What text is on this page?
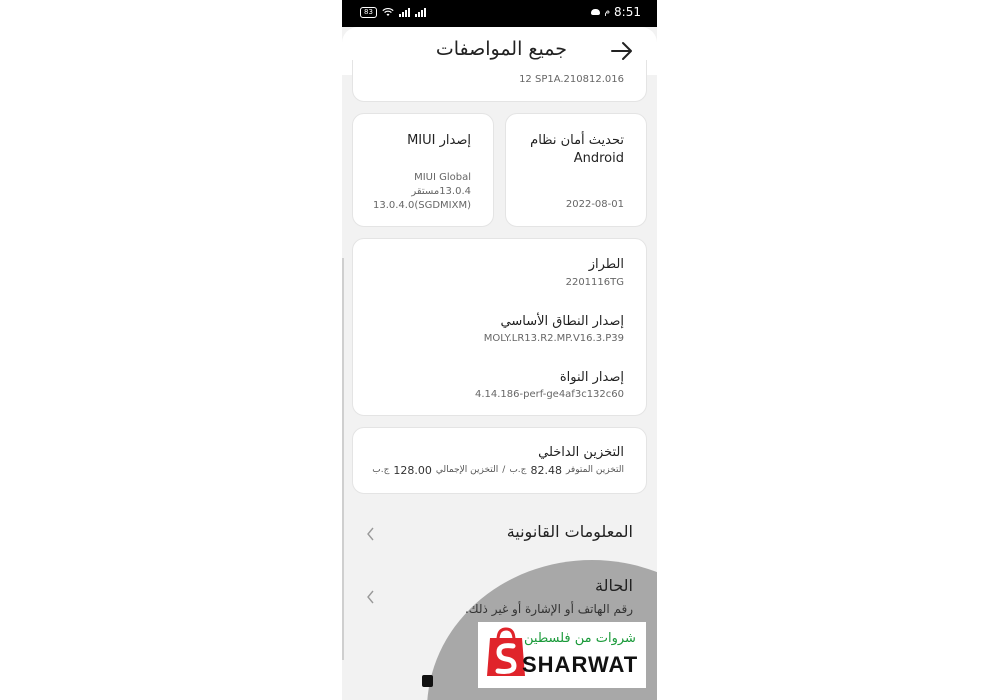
83	م 8:51
جميع المواصفات
12 SP1A.210812.016
إصدار MIUI
MIUI Global
13.0.4مستقر
13.0.4.0(SGDMIXM)
تحديث أمان نظام
Android
2022-08-01
الطراز
2201116TG
إصدار النطاق الأساسي
MOLY.LR13.R2.MP.V16.3.P39
إصدار النواة
4.14.186-perf-ge4af3c132c60
التخزين الداخلي
التخزين المتوفر
82.48
ج.ب
/
التخزين الإجمالي
128.00
ج.ب
المعلومات القانونية
الحالة
رقم الهاتف أو الإشارة أو غير ذلك.
شروات من فلسطين
SHARWAT
